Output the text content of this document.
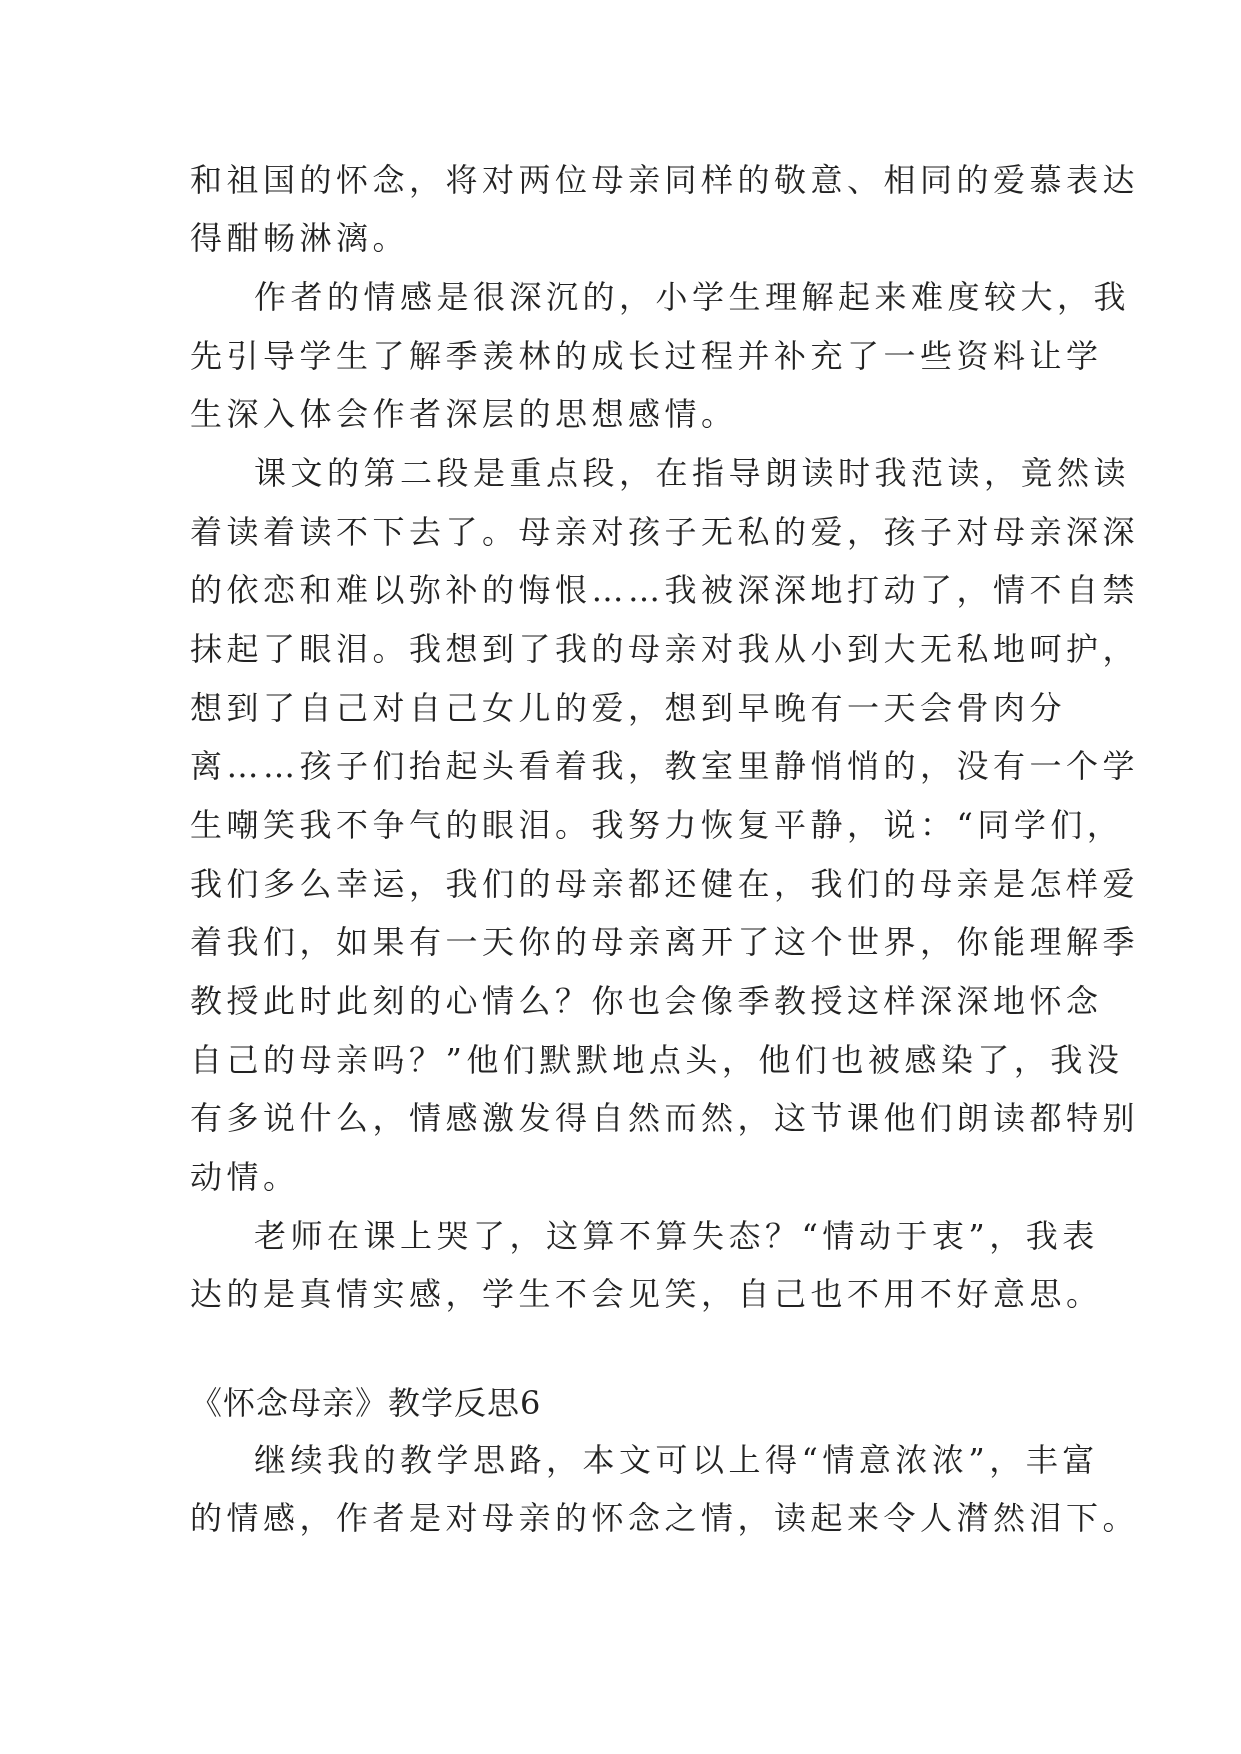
和祖国的怀念，将对两位母亲同样的敬意、相同的爱慕表达
得酣畅淋漓。
作者的情感是很深沉的，小学生理解起来难度较大，我
先引导学生了解季羡林的成长过程并补充了一些资料让学
生深入体会作者深层的思想感情。
课文的第二段是重点段，在指导朗读时我范读，竟然读
着读着读不下去了。母亲对孩子无私的爱，孩子对母亲深深
的依恋和难以弥补的悔恨……我被深深地打动了，情不自禁
抹起了眼泪。我想到了我的母亲对我从小到大无私地呵护，
想到了自己对自己女儿的爱，想到早晚有一天会骨肉分
离……孩子们抬起头看着我，教室里静悄悄的，没有一个学
生嘲笑我不争气的眼泪。我努力恢复平静，说：“同学们，
我们多么幸运，我们的母亲都还健在，我们的母亲是怎样爱
着我们，如果有一天你的母亲离开了这个世界，你能理解季
教授此时此刻的心情么？你也会像季教授这样深深地怀念
自己的母亲吗？”他们默默地点头，他们也被感染了，我没
有多说什么，情感激发得自然而然，这节课他们朗读都特别
动情。
老师在课上哭了，这算不算失态？“情动于衷”，我表
达的是真情实感，学生不会见笑，自己也不用不好意思。
《怀念母亲》教学反思6
继续我的教学思路，本文可以上得“情意浓浓”，丰富
的情感，作者是对母亲的怀念之情，读起来令人潸然泪下。
